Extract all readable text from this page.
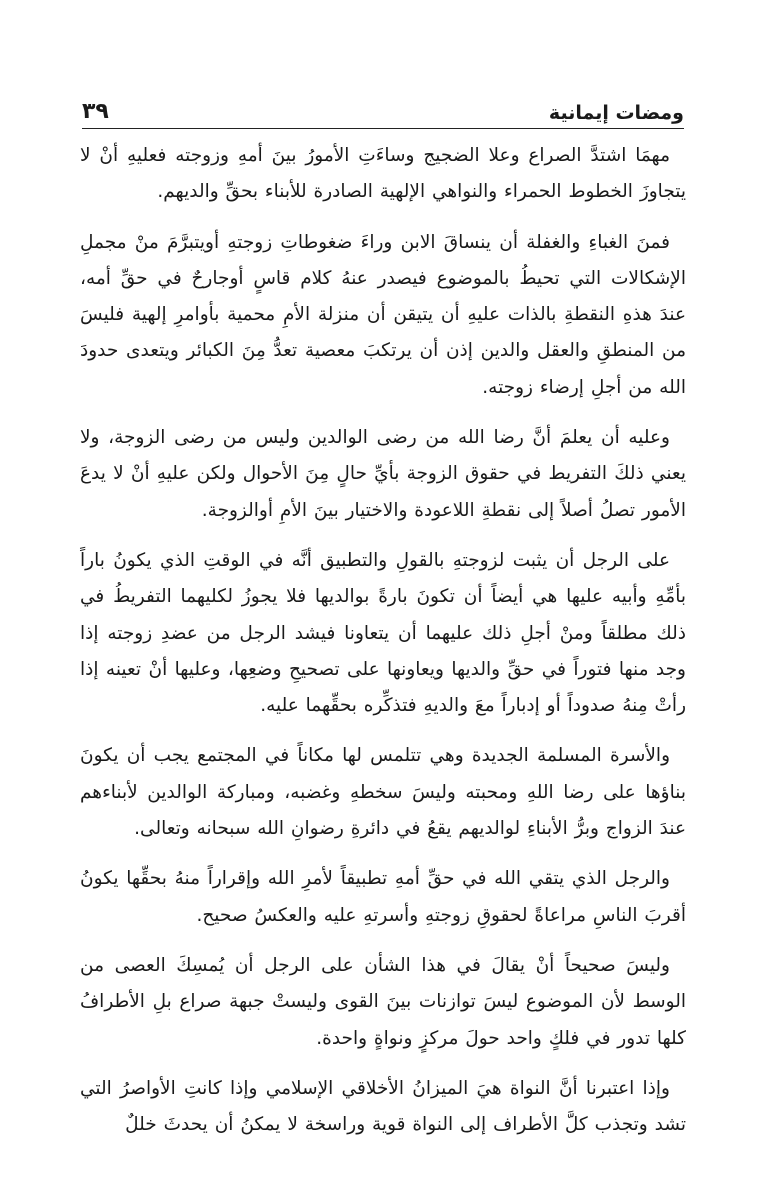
ومضات إيمانية
٣٩

مهمَا اشتدَّ الصراع وعلا الضجيج وساءَتِ الأمورُ بينَ أمهِ وزوجته فعليهِ أنْ لا يتجاوزَ الخطوط الحمراء والنواهي الإلهية الصادرة للأبناء بحقِّ والديهم.

فمنَ الغباءِ والغفلة أن ينساقَ الابن وراءَ ضغوطاتِ زوجتهِ أويتبرَّمَ منْ مجملِ الإشكالات التي تحيطُ بالموضوع فيصدر عنهُ كلام قاسٍ أوجارحٌ في حقِّ أمه، عندَ هذهِ النقطةِ بالذات عليهِ أن يتيقن أن منزلة الأمِ محمية بأوامرِ إلهية فليسَ من المنطقِ والعقل والدين إذن أن يرتكبَ معصية تعدُّ مِنَ الكبائر ويتعدى حدودَ الله من أجلِ إرضاء زوجته.

وعليه أن يعلمَ أنَّ رضا الله من رضى الوالدين وليس من رضى الزوجة، ولا يعني ذلكَ التفريط في حقوق الزوجة بأيِّ حالٍ مِنَ الأحوال ولكن عليهِ أنْ لا يدعَ الأمور تصلُ أصلاً إلى نقطةِ اللاعودة والاختيار بينَ الأمِ أوالزوجة.

على الرجل أن يثبت لزوجتهِ بالقولِ والتطبيق أنَّه في الوقتِ الذي يكونُ باراً بأمِّهِ وأبيه عليها هي أيضاً أن تكونَ بارةً بوالديها فلا يجوزُ لكليهما التفريطُ في ذلك مطلقاً ومنْ أجلِ ذلك عليهما أن يتعاونا فيشد الرجل من عضدِ زوجته إذا وجد منها فتوراً في حقِّ والديها ويعاونها على تصحيحِ وضعِها، وعليها أنْ تعينه إذا رأتْ مِنهُ صدوداً أو إدباراً معَ والديهِ فتذكِّره بحقِّهما عليه.

والأسرة المسلمة الجديدة وهي تتلمس لها مكاناً في المجتمع يجب أن يكونَ بناؤها على رضا اللهِ ومحبته وليسَ سخطهِ وغضبه، ومباركة الوالدين لأبناءهم عندَ الزواج وبرُّ الأبناءِ لوالديهم يقعُ في دائرةِ رضوانِ الله سبحانه وتعالى.

والرجل الذي يتقي الله في حقِّ أمهِ تطبيقاً لأمرِ الله وإقراراً منهُ بحقِّها يكونُ أقربَ الناسِ مراعاةً لحقوقِ زوجتهِ وأسرتهِ عليه والعكسُ صحيح.

وليسَ صحيحاً أنْ يقالَ في هذا الشأن على الرجل أن يُمسِكَ العصى من الوسط لأن الموضوع ليسَ توازنات بينَ القوى وليستْ جبهة صراع بلِ الأطرافُ كلها تدور في فلكٍ واحد حولَ مركزٍ ونواةٍ واحدة.

وإذا اعتبرنا أنَّ النواة هيَ الميزانُ الأخلاقي الإسلامي وإذا كانتِ الأواصرُ التي تشد وتجذب كلَّ الأطراف إلى النواة قوية وراسخة لا يمكنُ أن يحدثَ خللٌ
